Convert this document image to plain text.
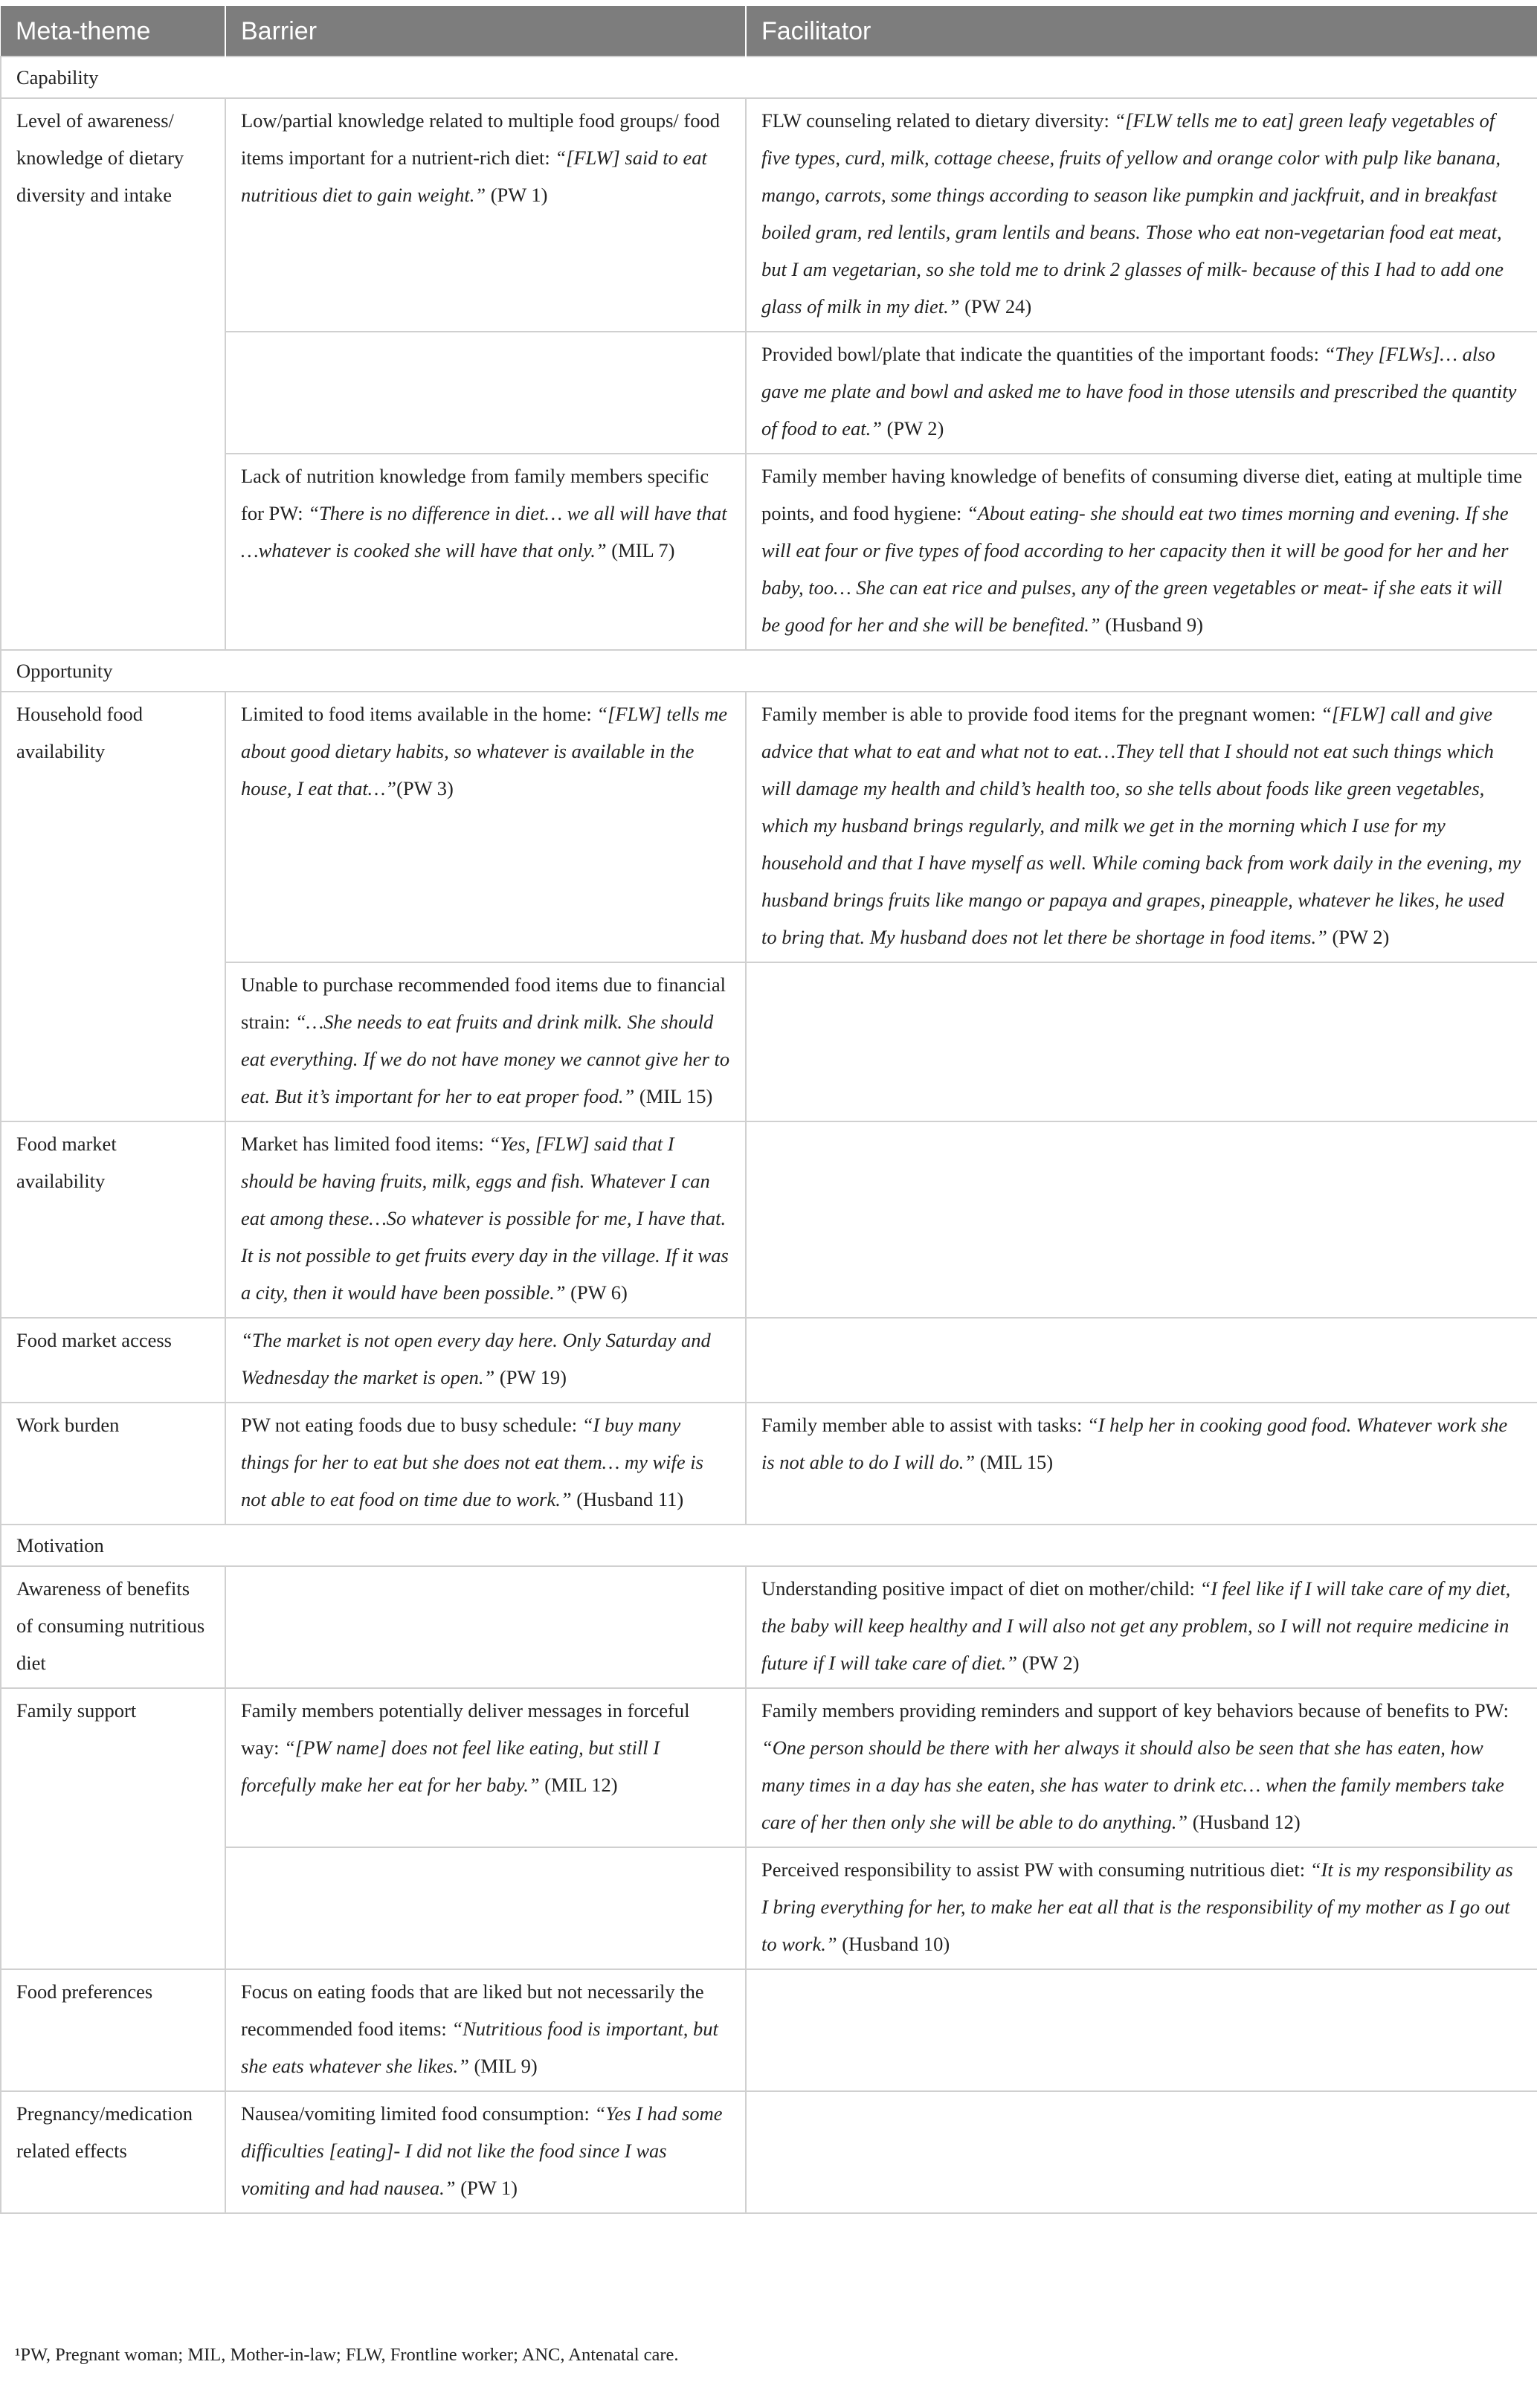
Meta-theme	Barrier	Facilitator
Capability		
Level of awareness/ knowledge of dietary diversity and intake	Low/partial knowledge related to multiple food groups/ food items important for a nutrient-rich diet: “[FLW] said to eat nutritious diet to gain weight.” (PW 1)	FLW counseling related to dietary diversity: “[FLW tells me to eat] green leafy vegetables of five types, curd, milk, cottage cheese, fruits of yellow and orange color with pulp like banana, mango, carrots, some things according to season like pumpkin and jackfruit, and in breakfast boiled gram, red lentils, gram lentils and beans. Those who eat non-vegetarian food eat meat, but I am vegetarian, so she told me to drink 2 glasses of milk- because of this I had to add one glass of milk in my diet.” (PW 24)
		Provided bowl/plate that indicate the quantities of the important foods: “They [FLWs]… also gave me plate and bowl and asked me to have food in those utensils and prescribed the quantity of food to eat.” (PW 2)
	Lack of nutrition knowledge from family members specific for PW: “There is no difference in diet… we all will have that …whatever is cooked she will have that only.” (MIL 7)	Family member having knowledge of benefits of consuming diverse diet, eating at multiple time points, and food hygiene: “About eating- she should eat two times morning and evening. If she will eat four or five types of food according to her capacity then it will be good for her and her baby, too… She can eat rice and pulses, any of the green vegetables or meat- if she eats it will be good for her and she will be benefited.” (Husband 9)
Opportunity		
Household food availability	Limited to food items available in the home: “[FLW] tells me about good dietary habits, so whatever is available in the house, I eat that…”(PW 3)	Family member is able to provide food items for the pregnant women: “[FLW] call and give advice that what to eat and what not to eat…They tell that I should not eat such things which will damage my health and child’s health too, so she tells about foods like green vegetables, which my husband brings regularly, and milk we get in the morning which I use for my household and that I have myself as well. While coming back from work daily in the evening, my husband brings fruits like mango or papaya and grapes, pineapple, whatever he likes, he used to bring that. My husband does not let there be shortage in food items.” (PW 2)
	Unable to purchase recommended food items due to financial strain: “…She needs to eat fruits and drink milk. She should eat everything. If we do not have money we cannot give her to eat. But it’s important for her to eat proper food.” (MIL 15)	
Food market availability	Market has limited food items: “Yes, [FLW] said that I should be having fruits, milk, eggs and fish. Whatever I can eat among these…So whatever is possible for me, I have that. It is not possible to get fruits every day in the village. If it was a city, then it would have been possible.” (PW 6)	
Food market access	“The market is not open every day here. Only Saturday and Wednesday the market is open.” (PW 19)	
Work burden	PW not eating foods due to busy schedule: “I buy many things for her to eat but she does not eat them… my wife is not able to eat food on time due to work.” (Husband 11)	Family member able to assist with tasks: “I help her in cooking good food. Whatever work she is not able to do I will do.” (MIL 15)
Motivation		
Awareness of benefits of consuming nutritious diet		Understanding positive impact of diet on mother/child: “I feel like if I will take care of my diet, the baby will keep healthy and I will also not get any problem, so I will not require medicine in future if I will take care of diet.” (PW 2)
Family support	Family members potentially deliver messages in forceful way: “[PW name] does not feel like eating, but still I forcefully make her eat for her baby.” (MIL 12)	Family members providing reminders and support of key behaviors because of benefits to PW: “One person should be there with her always it should also be seen that she has eaten, how many times in a day has she eaten, she has water to drink etc… when the family members take care of her then only she will be able to do anything.” (Husband 12)
		Perceived responsibility to assist PW with consuming nutritious diet: “It is my responsibility as I bring everything for her, to make her eat all that is the responsibility of my mother as I go out to work.” (Husband 10)
Food preferences	Focus on eating foods that are liked but not necessarily the recommended food items: “Nutritious food is important, but she eats whatever she likes.” (MIL 9)	
Pregnancy/medication related effects	Nausea/vomiting limited food consumption: “Yes I had some difficulties [eating]- I did not like the food since I was vomiting and had nausea.” (PW 1)	
¹PW, Pregnant woman; MIL, Mother-in-law; FLW, Frontline worker; ANC, Antenatal care.
